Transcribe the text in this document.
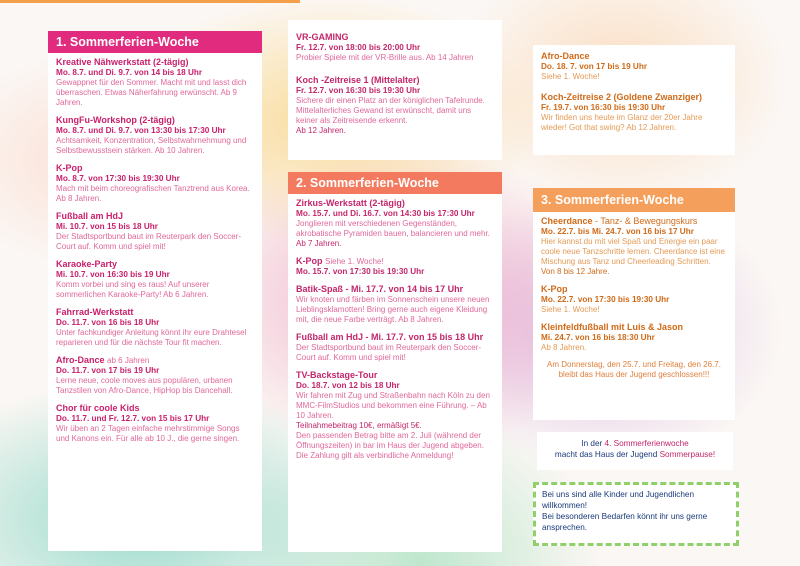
1. Sommerferien-Woche
Kreative Nähwerkstatt (2-tägig)
Mo. 8.7. und Di. 9.7. von 14 bis 18 Uhr
Gewappnet für den Sommer. Macht mit und lasst dich überraschen. Etwas Näherfahrung erwünscht. Ab 9 Jahren.
KungFu-Workshop (2-tägig)
Mo. 8.7. und Di. 9.7. von 13:30 bis 17:30 Uhr
Achtsamkeit, Konzentration, Selbstwahrnehmung und Selbstbewusstsein stärken. Ab 10 Jahren.
K-Pop
Mo. 8.7. von 17:30 bis 19:30 Uhr
Mach mit beim choreografischen Tanztrend aus Korea. Ab 8 Jahren.
Fußball am HdJ
Mi. 10.7. von 15 bis 18 Uhr
Der Stadtsportbund baut im Reuterpark den Soccer-Court auf. Komm und spiel mit!
Karaoke-Party
Mi. 10.7. von 16:30 bis 19 Uhr
Komm vorbei und sing es raus! Auf unserer sommerlichen Karaoke-Party! Ab 6 Jahren.
Fahrrad-Werkstatt
Do. 11.7. von 16 bis 18 Uhr
Unter fachkundiger Anleitung könnt ihr eure Drahtesel reparieren und für die nächste Tour fit machen.
Afro-Dance ab 6 Jahren
Do. 11.7. von 17 bis 19 Uhr
Lerne neue, coole moves aus populären, urbanen Tanzstilen von Afro-Dance, HipHop bis Dancehall.
Chor für coole Kids
Do. 11.7. und Fr. 12.7. von 15 bis 17 Uhr
Wir üben an 2 Tagen einfache mehrstimmige Songs und Kanons ein. Für alle ab 10 J., die gerne singen.
VR-GAMING
Fr. 12.7. von 18:00 bis 20:00 Uhr
Probier Spiele mit der VR-Brille aus. Ab 14 Jahren
Koch -Zeitreise 1 (Mittelalter)
Fr. 12.7. von 16:30 bis 19:30 Uhr
Sichere dir einen Platz an der königlichen Tafelrunde. Mittelalterliches Gewand ist erwünscht, damit uns keiner als Zeitreisende erkennt.
Ab 12 Jahren.
2. Sommerferien-Woche
Zirkus-Werkstatt (2-tägig)
Mo. 15.7. und Di. 16.7. von 14:30 bis 17:30 Uhr
Jonglieren mit verschiedenen Gegenständen, akrobatische Pyramiden bauen, balancieren und mehr.
Ab 7 Jahren.
K-Pop Siehe 1. Woche!
Mo. 15.7. von 17:30 bis 19:30 Uhr
Batik-Spaß - Mi. 17.7. von 14 bis 17 Uhr
Wir knoten und färben im Sonnenschein unsere neuen Lieblingsklamotten! Bring gerne auch eigene Kleidung mit, die neue Farbe verträgt. Ab 8 Jahren.
Fußball am HdJ - Mi. 17.7. von 15 bis 18 Uhr
Der Stadtsportbund baut im Reuterpark den Soccer-Court auf. Komm und spiel mit!
TV-Backstage-Tour
Do. 18.7. von 12 bis 18 Uhr
Wir fahren mit Zug und Straßenbahn nach Köln zu den MMC-FilmStudios und bekommen eine Führung. – Ab 10 Jahren.
Teilnahmebeitrag 10€, ermäßigt 5€.
Den passenden Betrag bitte am 2. Juli (während der Öffnungszeiten) in bar im Haus der Jugend abgeben. Die Zahlung gilt als verbindliche Anmeldung!
Afro-Dance
Do. 18. 7. von 17 bis 19 Uhr
Siehe 1. Woche!
Koch-Zeitreise 2 (Goldene Zwanziger)
Fr. 19.7. von 16:30 bis 19:30 Uhr
Wir finden uns heute im Glanz der 20er Jahre wieder! Got that swing? Ab 12 Jahren.
3. Sommerferien-Woche
Cheerdance - Tanz- & Bewegungskurs
Mo. 22.7. bis Mi. 24.7. von 16 bis 17 Uhr
Hier kannst du mit viel Spaß und Energie ein paar coole neue Tanzschritte lernen. Cheerdance ist eine Mischung aus Tanz und Cheerleading Schritten.
Von 8 bis 12 Jahre.
K-Pop
Mo. 22.7. von 17:30 bis 19:30 Uhr
Siehe 1. Woche!
Kleinfeldfußball mit Luis & Jason
Mi. 24.7. von 16 bis 18:30 Uhr
Ab 8 Jahren.
Am Donnerstag, den 25.7. und Freitag, den 26.7. bleibt das Haus der Jugend geschlossen!!!
In der 4. Sommerferienwoche
macht das Haus der Jugend Sommerpause!
Bei uns sind alle Kinder und Jugendlichen willkommen!
Bei besonderen Bedarfen könnt ihr uns gerne ansprechen.
